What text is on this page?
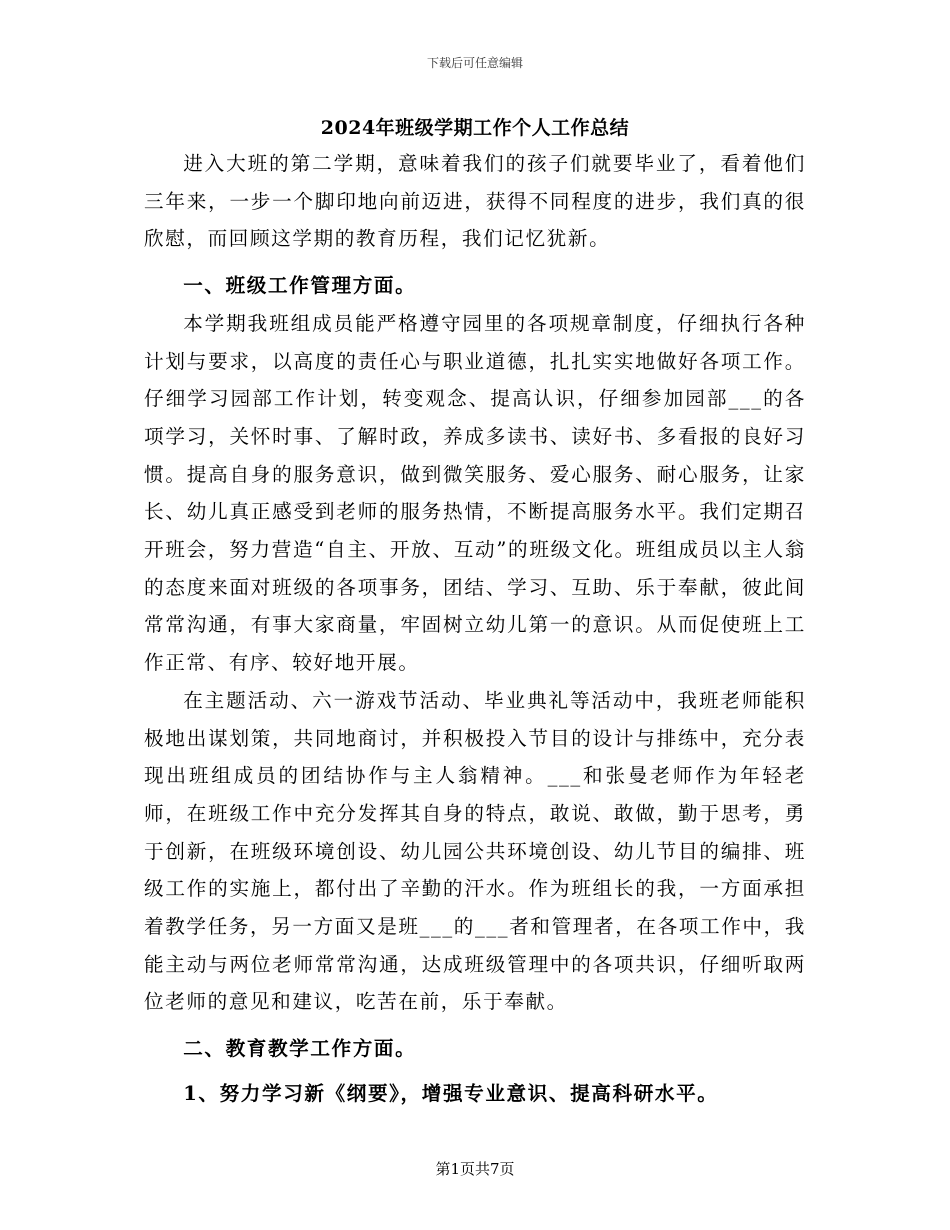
下载后可任意编辑
2024年班级学期工作个人工作总结

进入大班的第二学期，意味着我们的孩子们就要毕业了，看着他们三年来，一步一个脚印地向前迈进，获得不同程度的进步，我们真的很欣慰，而回顾这学期的教育历程，我们记忆犹新。

一、班级工作管理方面。

本学期我班组成员能严格遵守园里的各项规章制度，仔细执行各种计划与要求，以高度的责任心与职业道德，扎扎实实地做好各项工作。仔细学习园部工作计划，转变观念、提高认识，仔细参加园部___的各项学习，关怀时事、了解时政，养成多读书、读好书、多看报的良好习惯。提高自身的服务意识，做到微笑服务、爱心服务、耐心服务，让家长、幼儿真正感受到老师的服务热情，不断提高服务水平。我们定期召开班会，努力营造“自主、开放、互动”的班级文化。班组成员以主人翁的态度来面对班级的各项事务，团结、学习、互助、乐于奉献，彼此间常常沟通，有事大家商量，牢固树立幼儿第一的意识。从而促使班上工作正常、有序、较好地开展。

在主题活动、六一游戏节活动、毕业典礼等活动中，我班老师能积极地出谋划策，共同地商讨，并积极投入节目的设计与排练中，充分表现出班组成员的团结协作与主人翁精神。___和张曼老师作为年轻老师，在班级工作中充分发挥其自身的特点，敢说、敢做，勤于思考，勇于创新，在班级环境创设、幼儿园公共环境创设、幼儿节目的编排、班级工作的实施上，都付出了辛勤的汗水。作为班组长的我，一方面承担着教学任务，另一方面又是班___的___者和管理者，在各项工作中，我能主动与两位老师常常沟通，达成班级管理中的各项共识，仔细听取两位老师的意见和建议，吃苦在前，乐于奉献。

二、教育教学工作方面。

1、努力学习新《纲要》，增强专业意识、提高科研水平。

第1页共7页
